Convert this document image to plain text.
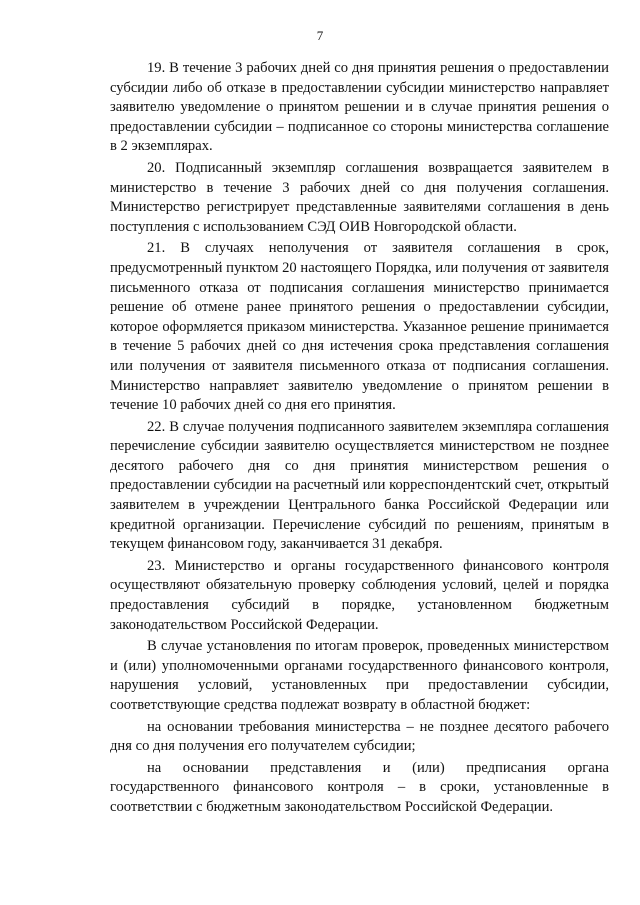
7

19. В течение 3 рабочих дней со дня принятия решения о предоставлении субсидии либо об отказе в предоставлении субсидии министерство направляет заявителю уведомление о принятом решении и в случае принятия решения о предоставлении субсидии – подписанное со стороны министерства соглашение в 2 экземплярах.

20. Подписанный экземпляр соглашения возвращается заявителем в министерство в течение 3 рабочих дней со дня получения соглашения. Министерство регистрирует представленные заявителями соглашения в день поступления с использованием СЭД ОИВ Новгородской области.

21. В случаях неполучения от заявителя соглашения в срок, предусмотренный пунктом 20 настоящего Порядка, или получения от заявителя письменного отказа от подписания соглашения министерство принимается решение об отмене ранее принятого решения о предоставлении субсидии, которое оформляется приказом министерства. Указанное решение принимается в течение 5 рабочих дней со дня истечения срока представления соглашения или получения от заявителя письменного отказа от подписания соглашения. Министерство направляет заявителю уведомление о принятом решении в течение 10 рабочих дней со дня его принятия.

22. В случае получения подписанного заявителем экземпляра соглашения перечисление субсидии заявителю осуществляется министерством не позднее десятого рабочего дня со дня принятия министерством решения о предоставлении субсидии на расчетный или корреспондентский счет, открытый заявителем в учреждении Центрального банка Российской Федерации или кредитной организации. Перечисление субсидий по решениям, принятым в текущем финансовом году, заканчивается 31 декабря.

23. Министерство и органы государственного финансового контроля осуществляют обязательную проверку соблюдения условий, целей и порядка предоставления субсидий в порядке, установленном бюджетным законодательством Российской Федерации.

В случае установления по итогам проверок, проведенных министерством и (или) уполномоченными органами государственного финансового контроля, нарушения условий, установленных при предоставлении субсидии, соответствующие средства подлежат возврату в областной бюджет:

на основании требования министерства – не позднее десятого рабочего дня со дня получения его получателем субсидии;

на основании представления и (или) предписания органа государственного финансового контроля – в сроки, установленные в соответствии с бюджетным законодательством Российской Федерации.
